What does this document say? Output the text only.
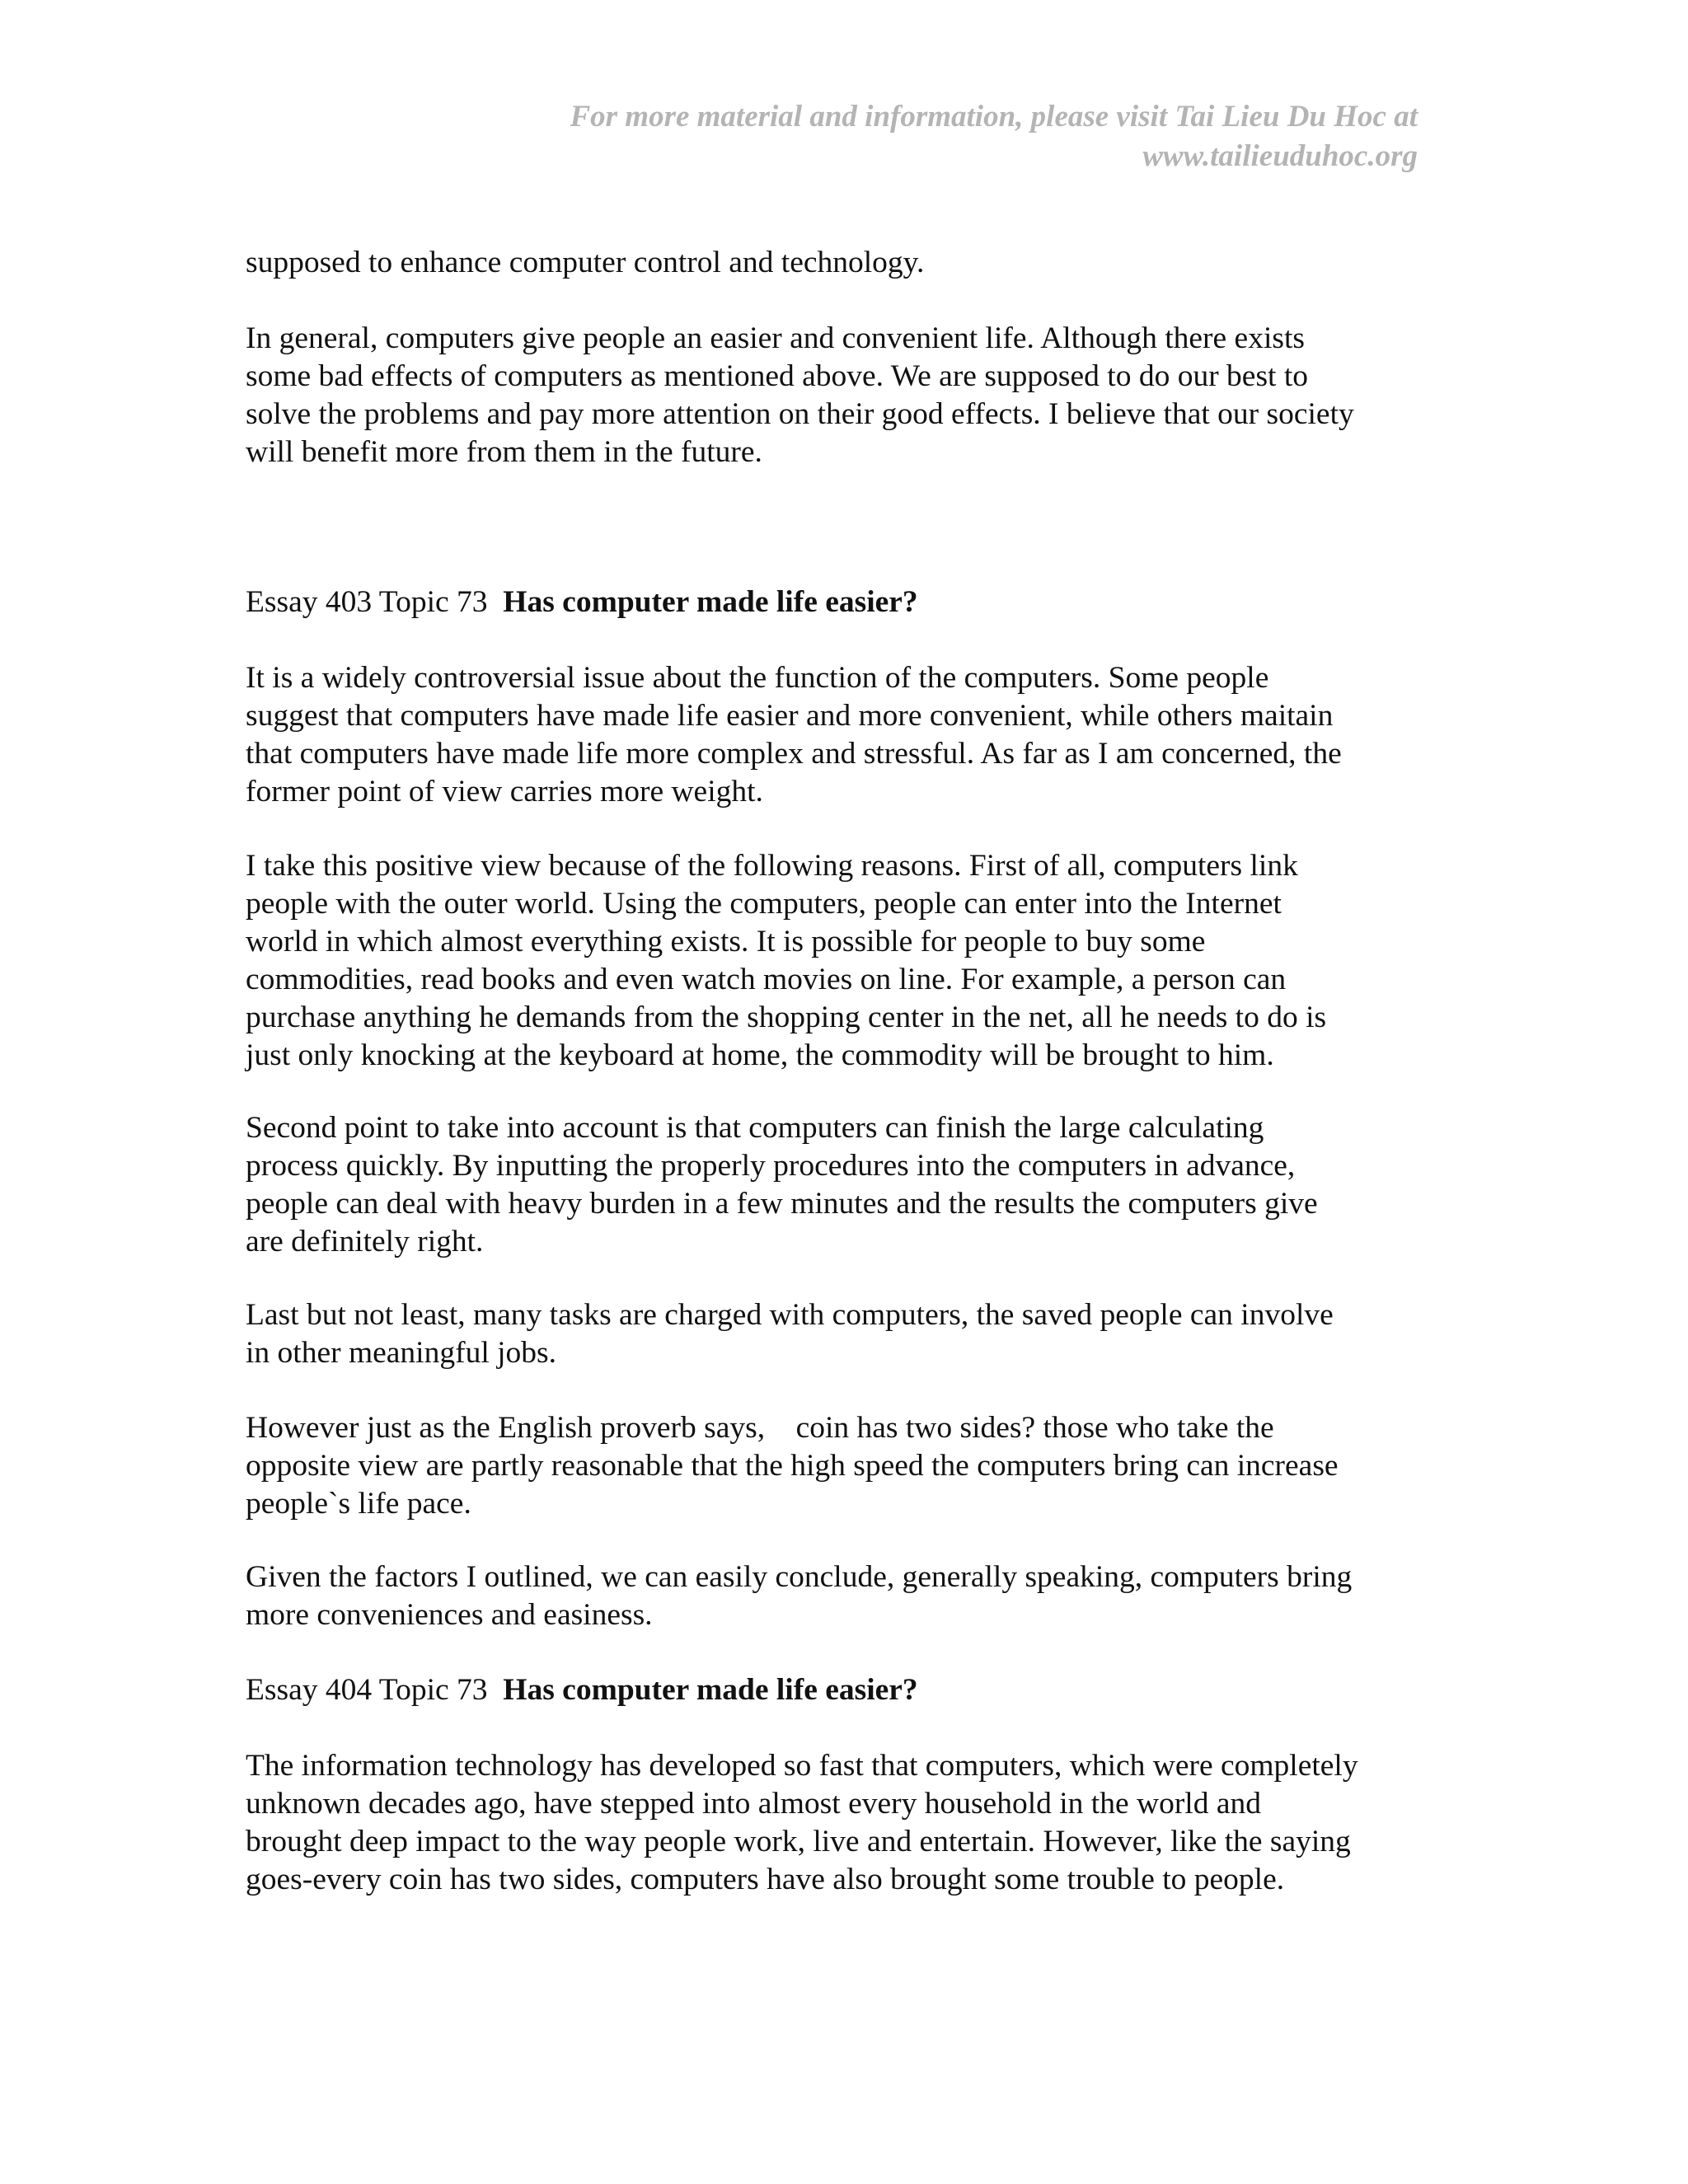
For more material and information, please visit Tai Lieu Du Hoc at
www.tailieuduhoc.org
supposed to enhance computer control and technology.
In general, computers give people an easier and convenient life. Although there exists
some bad effects of computers as mentioned above. We are supposed to do our best to
solve the problems and pay more attention on their good effects. I believe that our society
will benefit more from them in the future.
Essay 403 Topic 73 Has computer made life easier?
It is a widely controversial issue about the function of the computers. Some people
suggest that computers have made life easier and more convenient, while others maitain
that computers have made life more complex and stressful. As far as I am concerned, the
former point of view carries more weight.
I take this positive view because of the following reasons. First of all, computers link
people with the outer world. Using the computers, people can enter into the Internet
world in which almost everything exists. It is possible for people to buy some
commodities, read books and even watch movies on line. For example, a person can
purchase anything he demands from the shopping center in the net, all he needs to do is
just only knocking at the keyboard at home, the commodity will be brought to him.
Second point to take into account is that computers can finish the large calculating
process quickly. By inputting the properly procedures into the computers in advance,
people can deal with heavy burden in a few minutes and the results the computers give
are definitely right.
Last but not least, many tasks are charged with computers, the saved people can involve
in other meaningful jobs.
However just as the English proverb says,    coin has two sides? those who take the
opposite view are partly reasonable that the high speed the computers bring can increase
people`s life pace.
Given the factors I outlined, we can easily conclude, generally speaking, computers bring
more conveniences and easiness.
Essay 404 Topic 73 Has computer made life easier?
The information technology has developed so fast that computers, which were completely
unknown decades ago, have stepped into almost every household in the world and
brought deep impact to the way people work, live and entertain. However, like the saying
goes-every coin has two sides, computers have also brought some trouble to people.
